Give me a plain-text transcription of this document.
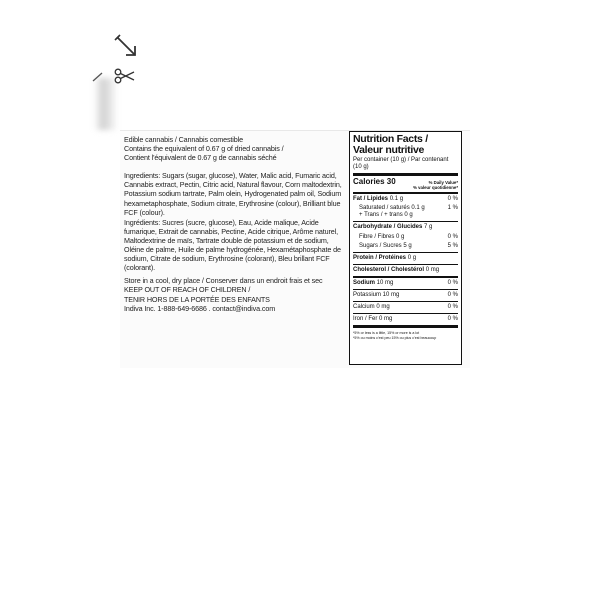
Edible cannabis / Cannabis comestible

Contains the equivalent of 0.67 g of dried cannabis /

Contient l'équivalent de 0.67 g de cannabis séché

Ingredients: Sugars (sugar, glucose), Water, Malic acid, Fumaric acid, Cannabis extract, Pectin, Citric acid, Natural flavour, Corn maltodextrin, Potassium sodium tartrate, Palm olein, Hydrogenated palm oil, Sodium hexametaphosphate, Sodium citrate, Erythrosine (colour), Brilliant blue FCF (colour).

Ingrédients: Sucres (sucre, glucose), Eau, Acide malique, Acide fumarique, Extrait de cannabis, Pectine, Acide citrique, Arôme naturel, Maltodextrine de maïs, Tartrate double de potassium et de sodium, Oléine de palme, Huile de palme hydrogénée, Hexamétaphosphate de sodium, Citrate de sodium, Erythrosine (colorant), Bleu brillant FCF (colorant).

Store in a cool, dry place / Conserver dans un endroit frais et sec

KEEP OUT OF REACH OF CHILDREN /

TENIR HORS DE LA PORTÉE DES ENFANTS

Indiva Inc. 1-888-649-6686 . contact@indiva.com

Nutrition Facts /
Valeur nutritive
Per container (10 g) / Par contenant (10 g)
Calories 30	% Daily Value*
% valeur quotidienne*
Fat / Lipides 0.1 g	0 %
Saturated / saturés 0.1 g	1 %
+ Trans / + trans 0 g
Carbohydrate / Glucides 7 g
Fibre / Fibres 0 g	0 %
Sugars / Sucres 5 g	5 %
Protein / Protéines 0 g
Cholesterol / Cholestérol 0 mg
Sodium 10 mg	0 %
Potassium 10 mg	0 %
Calcium 0 mg	0 %
Iron / Fer 0 mg	0 %
*5% or less is a little, 15% or more is a lot
*5% ou moins c'est peu 15% ou plus c'est beaucoup
